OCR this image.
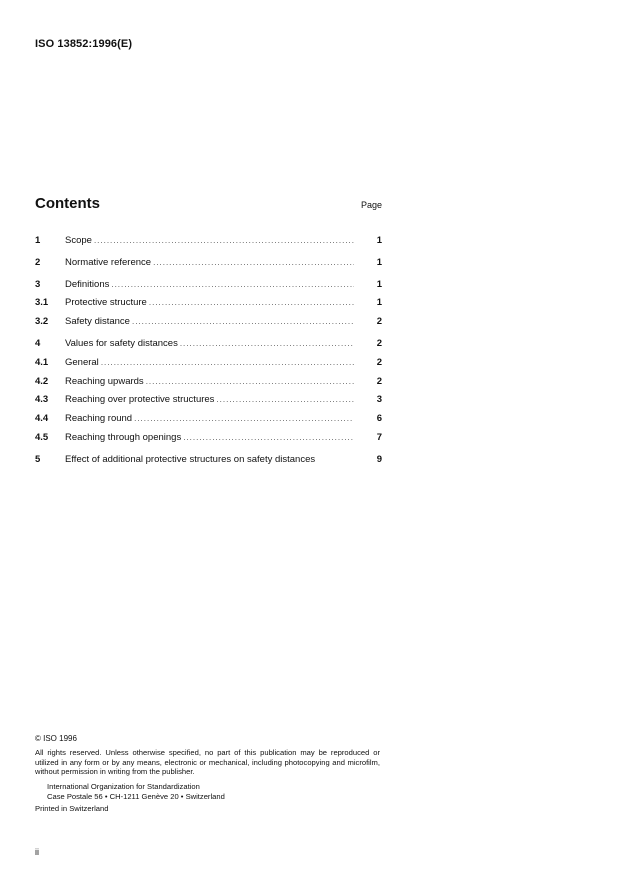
ISO 13852:1996(E)
Contents	Page
1	Scope .....	1
2	Normative reference .....	1
3	Definitions .....	1
3.1	Protective structure .....	1
3.2	Safety distance .....	2
4	Values for safety distances .....	2
4.1	General .....	2
4.2	Reaching upwards .....	2
4.3	Reaching over protective structures .....	3
4.4	Reaching round .....	6
4.5	Reaching through openings .....	7
5	Effect of additional protective structures on safety distances	9
© ISO 1996
All rights reserved. Unless otherwise specified, no part of this publication may be reproduced or utilized in any form or by any means, electronic or mechanical, including photocopying and microfilm, without permission in writing from the publisher.
International Organization for Standardization
Case Postale 56 • CH-1211 Genève 20 • Switzerland
Printed in Switzerland
ii
